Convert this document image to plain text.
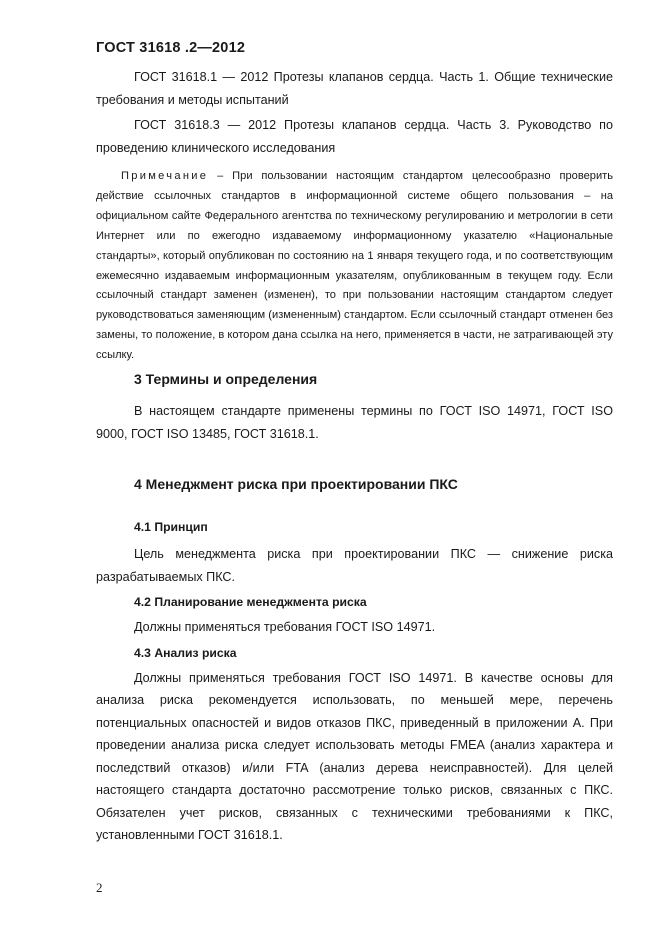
ГОСТ 31618 .2—2012

ГОСТ 31618.1 — 2012 Протезы клапанов сердца. Часть 1. Общие технические требования и методы испытаний

ГОСТ 31618.3 — 2012 Протезы клапанов сердца. Часть 3. Руководство по проведению клинического исследования

Примечание – При пользовании настоящим стандартом целесообразно проверить действие ссылочных стандартов в информационной системе общего пользования – на официальном сайте Федерального агентства по техническому регулированию и метрологии в сети Интернет или по ежегодно издаваемому информационному указателю «Национальные стандарты», который опубликован по состоянию на 1 января текущего года, и по соответствующим ежемесячно издаваемым информационным указателям, опубликованным в текущем году. Если ссылочный стандарт заменен (изменен), то при пользовании настоящим стандартом следует руководствоваться заменяющим (измененным) стандартом. Если ссылочный стандарт отменен без замены, то положение, в котором дана ссылка на него, применяется в части, не затрагивающей эту ссылку.

3 Термины и определения

В настоящем стандарте применены термины по ГОСТ ISO 14971, ГОСТ ISO 9000, ГОСТ ISO 13485, ГОСТ 31618.1.

4 Менеджмент риска при проектировании ПКС
4.1 Принцип

Цель менеджмента риска при проектировании ПКС — снижение риска разрабатываемых ПКС.

4.2 Планирование менеджмента риска

Должны применяться требования ГОСТ ISO 14971.

4.3 Анализ риска

Должны применяться требования ГОСТ ISO 14971. В качестве основы для анализа риска рекомендуется использовать, по меньшей мере, перечень потенциальных опасностей и видов отказов ПКС, приведенный в приложении А. При проведении анализа риска следует использовать методы FMEA (анализ характера и последствий отказов) и/или FTA (анализ дерева неисправностей). Для целей настоящего стандарта достаточно рассмотрение только рисков, связанных с ПКС. Обязателен учет рисков, связанных с техническими требованиями к ПКС, установленными ГОСТ 31618.1.

2
